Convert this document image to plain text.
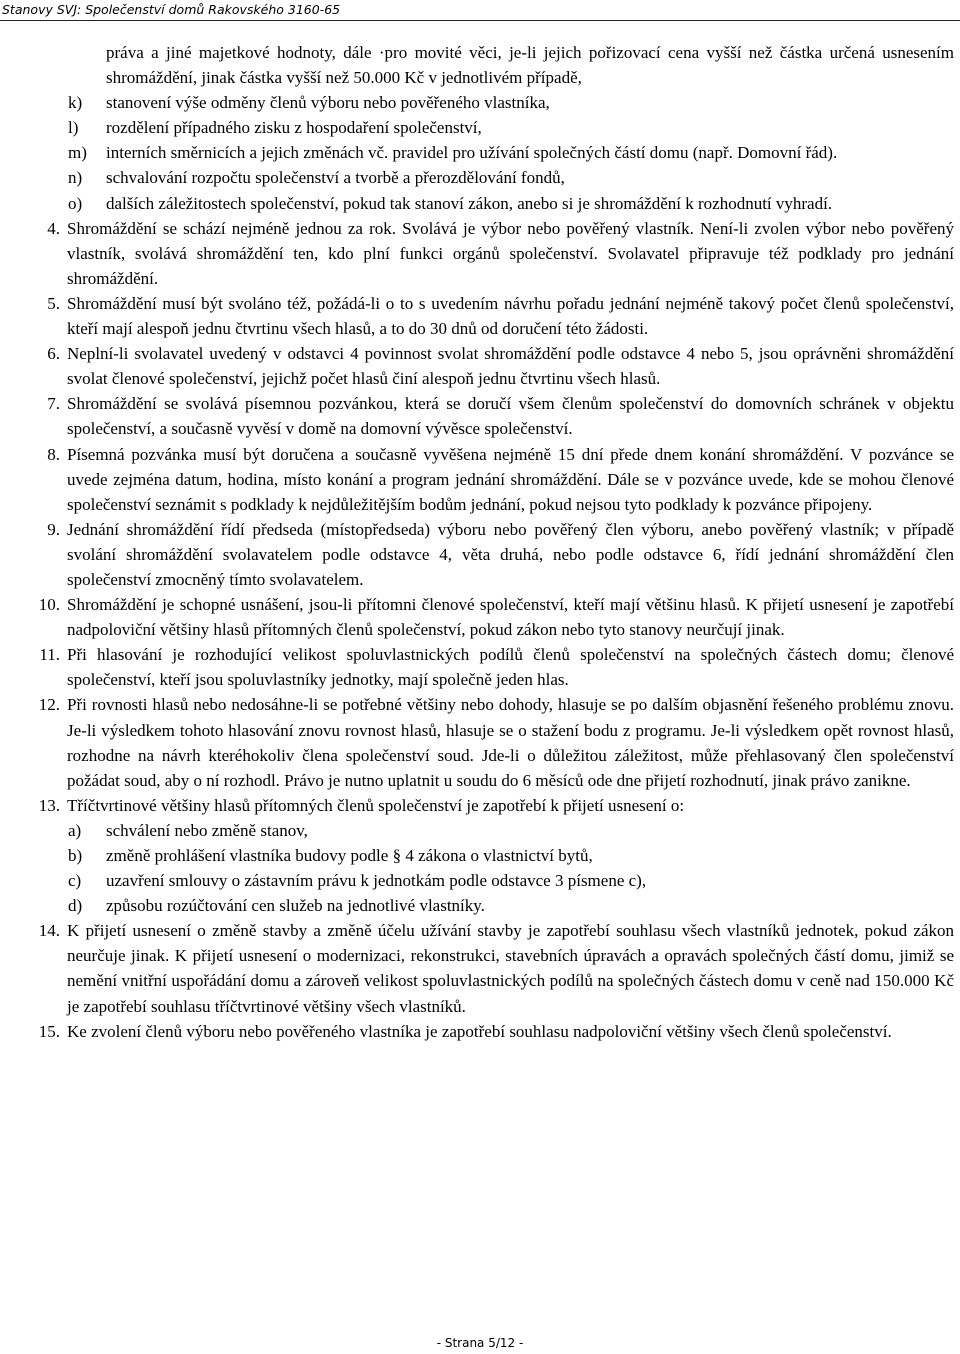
Stanovy SVJ: Společenství domů Rakovského 3160-65
práva a jiné majetkové hodnoty, dále ·pro movité věci, je-li jejich pořizovací cena vyšší než částka určená usnesením shromáždění, jinak částka vyšší než 50.000 Kč v jednotlivém případě,
k) stanovení výše odměny členů výboru nebo pověřeného vlastníka,
l) rozdělení případného zisku z hospodaření společenství,
m) interních směrnicích a jejich změnách vč. pravidel pro užívání společných částí domu (např. Domovní řád).
n) schvalování rozpočtu společenství a tvorbě a přerozdělování fondů,
o) dalších záležitostech společenství, pokud tak stanoví zákon, anebo si je shromáždění k rozhodnutí vyhradí.
4. Shromáždění se schází nejméně jednou za rok. Svolává je výbor nebo pověřený vlastník. Není-li zvolen výbor nebo pověřený vlastník, svolává shromáždění ten, kdo plní funkci orgánů společenství. Svolavatel připravuje též podklady pro jednání shromáždění.
5. Shromáždění musí být svoláno též, požádá-li o to s uvedením návrhu pořadu jednání nejméně takový počet členů společenství, kteří mají alespoň jednu čtvrtinu všech hlasů, a to do 30 dnů od doručení této žádosti.
6. Neplní-li svolavatel uvedený v odstavci 4 povinnost svolat shromáždění podle odstavce 4 nebo 5, jsou oprávněni shromáždění svolat členové společenství, jejichž počet hlasů činí alespoň jednu čtvrtinu všech hlasů.
7. Shromáždění se svolává písemnou pozvánkou, která se doručí všem členům společenství do domovních schránek v objektu společenství, a současně vyvěsí v domě na domovní vývěsce společenství.
8. Písemná pozvánka musí být doručena a současně vyvěšena nejméně 15 dní přede dnem konání shromáždění. V pozvánce se uvede zejména datum, hodina, místo konání a program jednání shromáždění. Dále se v pozvánce uvede, kde se mohou členové společenství seznámit s podklady k nejdůležitějším bodům jednání, pokud nejsou tyto podklady k pozvánce připojeny.
9. Jednání shromáždění řídí předseda (místopředseda) výboru nebo pověřený člen výboru, anebo pověřený vlastník; v případě svolání shromáždění svolavatelem podle odstavce 4, věta druhá, nebo podle odstavce 6, řídí jednání shromáždění člen společenství zmocněný tímto svolavatelem.
10. Shromáždění je schopné usnášení, jsou-li přítomni členové společenství, kteří mají většinu hlasů. K přijetí usnesení je zapotřebí nadpoloviční většiny hlasů přítomných členů společenství, pokud zákon nebo tyto stanovy neurčují jinak.
11. Při hlasování je rozhodující velikost spoluvlastnických podílů členů společenství na společných částech domu; členové společenství, kteří jsou spoluvlastníky jednotky, mají společně jeden hlas.
12. Při rovnosti hlasů nebo nedosáhne-li se potřebné většiny nebo dohody, hlasuje se po dalším objasnění řešeného problému znovu. Je-li výsledkem tohoto hlasování znovu rovnost hlasů, hlasuje se o stažení bodu z programu. Je-li výsledkem opět rovnost hlasů, rozhodne na návrh kteréhokoliv člena společenství soud. Jde-li o důležitou záležitost, může přehlasovaný člen společenství požádat soud, aby o ní rozhodl. Právo je nutno uplatnit u soudu do 6 měsíců ode dne přijetí rozhodnutí, jinak právo zanikne.
13. Tříčtvrtinové většiny hlasů přítomných členů společenství je zapotřebí k přijetí usnesení o:
a) schválení nebo změně stanov,
b) změně prohlášení vlastníka budovy podle § 4 zákona o vlastnictví bytů,
c) uzavření smlouvy o zástavním právu k jednotkám podle odstavce 3 písmene c),
d) způsobu rozúčtování cen služeb na jednotlivé vlastníky.
14. K přijetí usnesení o změně stavby a změně účelu užívání stavby je zapotřebí souhlasu všech vlastníků jednotek, pokud zákon neurčuje jinak. K přijetí usnesení o modernizaci, rekonstrukci, stavebních úpravách a opravách společných částí domu, jimiž se nemění vnitřní uspořádání domu a zároveň velikost spoluvlastnických podílů na společných částech domu v ceně nad 150.000 Kč je zapotřebí souhlasu tříčtvrtinové většiny všech vlastníků.
15. Ke zvolení členů výboru nebo pověřeného vlastníka je zapotřebí souhlasu nadpoloviční většiny všech členů společenství.
- Strana 5/12 -
